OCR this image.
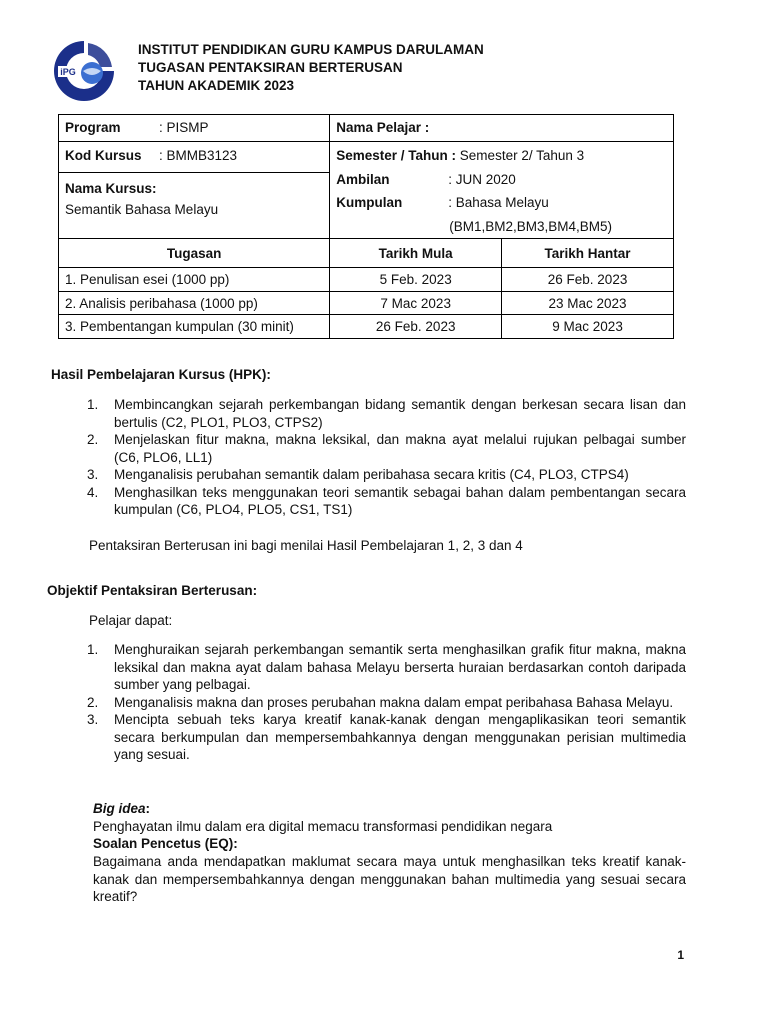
iPG
INSTITUT PENDIDIKAN GURU KAMPUS DARULAMAN
TUGASAN PENTAKSIRAN BERTERUSAN
TAHUN AKADEMIK 2023
Program : PISMP	Nama Pelajar :	
Kod Kursus : BMMB3123	Semester / Tahun : Semester 2/ Tahun 3
Ambilan : JUN 2020
Kumpulan : Bahasa Melayu
(BM1,BM2,BM3,BM4,BM5)	

Nama Kursus:
Semantik Bahasa Melayu		

Tugasan	Tarikh Mula	Tarikh Hantar
1. Penulisan esei (1000 pp)	5 Feb. 2023	26 Feb. 2023
2. Analisis peribahasa (1000 pp)	7 Mac 2023	23 Mac 2023
3. Pembentangan kumpulan (30 minit)	26 Feb. 2023	9 Mac 2023
Hasil Pembelajaran Kursus (HPK):
1. Membincangkan sejarah perkembangan bidang semantik dengan berkesan secara lisan dan bertulis (C2, PLO1, PLO3, CTPS2)
2. Menjelaskan fitur makna, makna leksikal, dan makna ayat melalui rujukan pelbagai sumber (C6, PLO6, LL1)
3. Menganalisis perubahan semantik dalam peribahasa secara kritis (C4, PLO3, CTPS4)
4. Menghasilkan teks menggunakan teori semantik sebagai bahan dalam pembentangan secara kumpulan (C6, PLO4, PLO5, CS1, TS1)
Pentaksiran Berterusan ini bagi menilai Hasil Pembelajaran 1, 2, 3 dan 4
Objektif Pentaksiran Berterusan:
Pelajar dapat:
1. Menghuraikan sejarah perkembangan semantik serta menghasilkan grafik fitur makna, makna leksikal dan makna ayat dalam bahasa Melayu berserta huraian berdasarkan contoh daripada sumber yang pelbagai.
2. Menganalisis makna dan proses perubahan makna dalam empat peribahasa Bahasa Melayu.
3. Mencipta sebuah teks karya kreatif kanak-kanak dengan mengaplikasikan teori semantik secara berkumpulan dan mempersembahkannya dengan menggunakan perisian multimedia yang sesuai.
Big idea:
Penghayatan ilmu dalam era digital memacu transformasi pendidikan negara
Soalan Pencetus (EQ):
Bagaimana anda mendapatkan maklumat secara maya untuk menghasilkan teks kreatif kanak-kanak dan mempersembahkannya dengan menggunakan bahan multimedia yang sesuai secara kreatif?
1
